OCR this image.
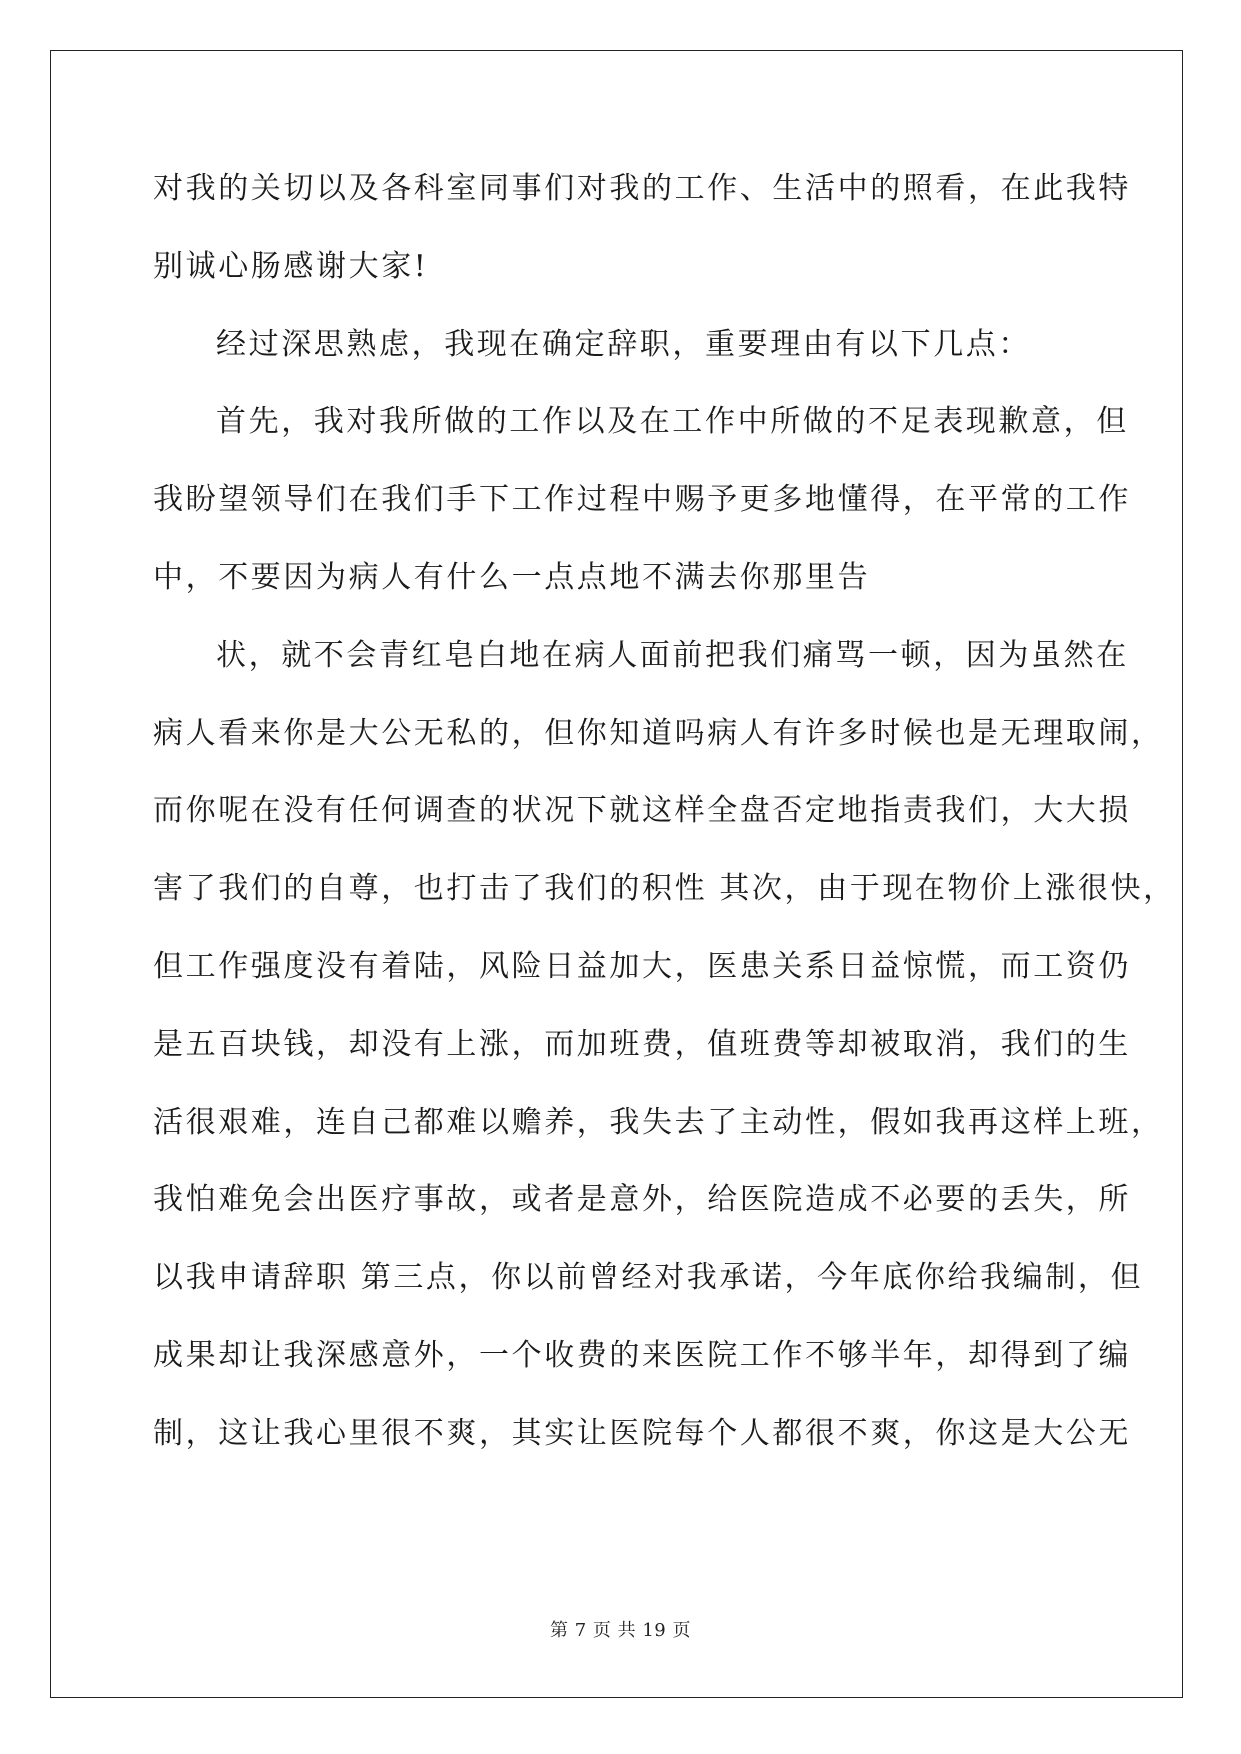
对我的关切以及各科室同事们对我的工作、生活中的照看，在此我特
别诚心肠感谢大家!
经过深思熟虑，我现在确定辞职，重要理由有以下几点：
首先，我对我所做的工作以及在工作中所做的不足表现歉意，但
我盼望领导们在我们手下工作过程中赐予更多地懂得，在平常的工作
中，不要因为病人有什么一点点地不满去你那里告
状，就不会青红皂白地在病人面前把我们痛骂一顿，因为虽然在
病人看来你是大公无私的，但你知道吗病人有许多时候也是无理取闹，
而你呢在没有任何调查的状况下就这样全盘否定地指责我们，大大损
害了我们的自尊，也打击了我们的积性 其次，由于现在物价上涨很快，
但工作强度没有着陆，风险日益加大，医患关系日益惊慌，而工资仍
是五百块钱，却没有上涨，而加班费，值班费等却被取消，我们的生
活很艰难，连自己都难以赡养，我失去了主动性，假如我再这样上班，
我怕难免会出医疗事故，或者是意外，给医院造成不必要的丢失，所
以我申请辞职 第三点，你以前曾经对我承诺，今年底你给我编制，但
成果却让我深感意外，一个收费的来医院工作不够半年，却得到了编
制，这让我心里很不爽，其实让医院每个人都很不爽，你这是大公无
第 7 页 共 19 页
